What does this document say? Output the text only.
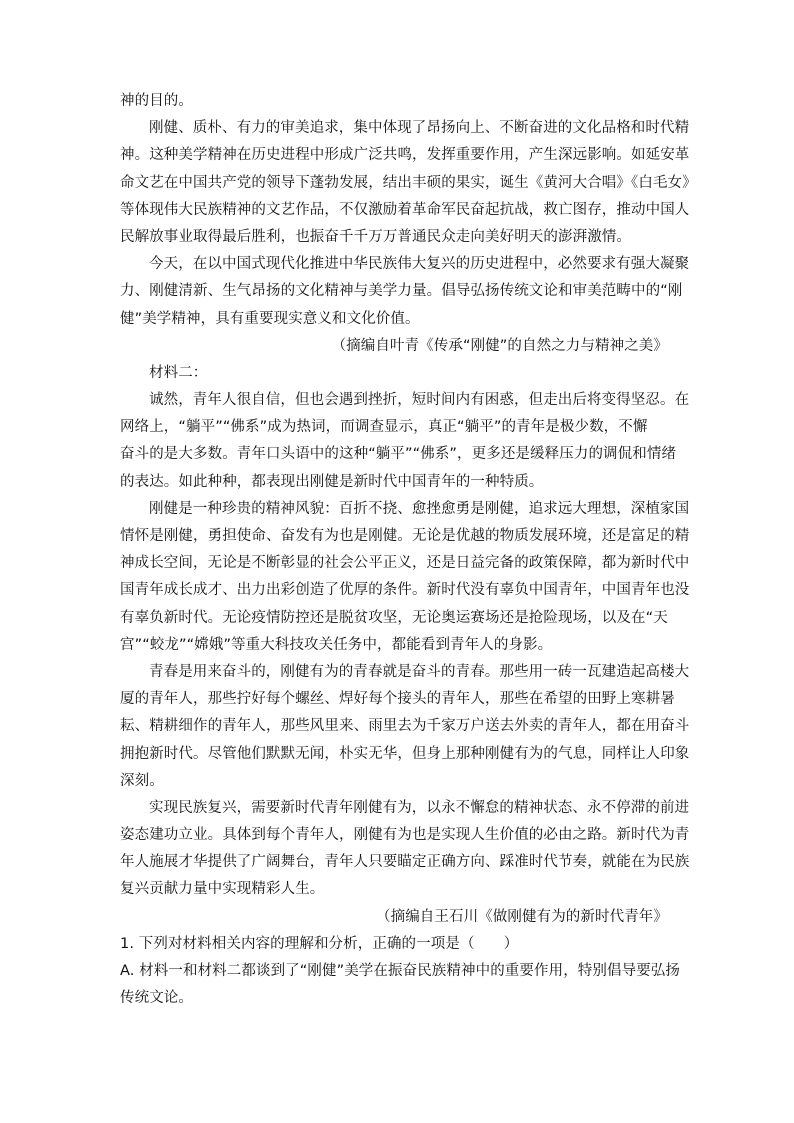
神的目的。
刚健、质朴、有力的审美追求，集中体现了昂扬向上、不断奋进的文化品格和时代精
神。这种美学精神在历史进程中形成广泛共鸣，发挥重要作用，产生深远影响。如延安革
命文艺在中国共产党的领导下蓬勃发展，结出丰硕的果实，诞生《黄河大合唱》《白毛女》
等体现伟大民族精神的文艺作品，不仅激励着革命军民奋起抗战，救亡图存，推动中国人
民解放事业取得最后胜利，也振奋千千万万普通民众走向美好明天的澎湃激情。
今天，在以中国式现代化推进中华民族伟大复兴的历史进程中，必然要求有强大凝聚
力、刚健清新、生气昂扬的文化精神与美学力量。倡导弘扬传统文论和审美范畴中的“刚
健”美学精神，具有重要现实意义和文化价值。
（摘编自叶青《传承“刚健”的自然之力与精神之美》
材料二：
诚然，青年人很自信，但也会遇到挫折，短时间内有困惑，但走出后将变得坚忍。在
网络上，“躺平”“佛系”成为热词，而调查显示，真正“躺平”的青年是极少数，不懈
奋斗的是大多数。青年口头语中的这种“躺平”“佛系”，更多还是缓释压力的调侃和情绪
的表达。如此种种，都表现出刚健是新时代中国青年的一种特质。
刚健是一种珍贵的精神风貌：百折不挠、愈挫愈勇是刚健，追求远大理想，深植家国
情怀是刚健，勇担使命、奋发有为也是刚健。无论是优越的物质发展环境，还是富足的精
神成长空间，无论是不断彰显的社会公平正义，还是日益完备的政策保障，都为新时代中
国青年成长成才、出力出彩创造了优厚的条件。新时代没有辜负中国青年，中国青年也没
有辜负新时代。无论疫情防控还是脱贫攻坚，无论奥运赛场还是抢险现场，以及在“天
宫”“蛟龙”“嫦娥”等重大科技攻关任务中，都能看到青年人的身影。
青春是用来奋斗的，刚健有为的青春就是奋斗的青春。那些用一砖一瓦建造起高楼大
厦的青年人，那些拧好每个螺丝、焊好每个接头的青年人，那些在希望的田野上寒耕暑
耘、精耕细作的青年人，那些风里来、雨里去为千家万户送去外卖的青年人，都在用奋斗
拥抱新时代。尽管他们默默无闻，朴实无华，但身上那种刚健有为的气息，同样让人印象
深刻。
实现民族复兴，需要新时代青年刚健有为，以永不懈怠的精神状态、永不停滞的前进
姿态建功立业。具体到每个青年人，刚健有为也是实现人生价值的必由之路。新时代为青
年人施展才华提供了广阔舞台，青年人只要瞄定正确方向、踩准时代节奏，就能在为民族
复兴贡献力量中实现精彩人生。
（摘编自王石川《做刚健有为的新时代青年》
1. 下列对材料相关内容的理解和分析，正确的一项是（　　）
A. 材料一和材料二都谈到了“刚健”美学在振奋民族精神中的重要作用，特别倡导要弘扬
传统文论。
